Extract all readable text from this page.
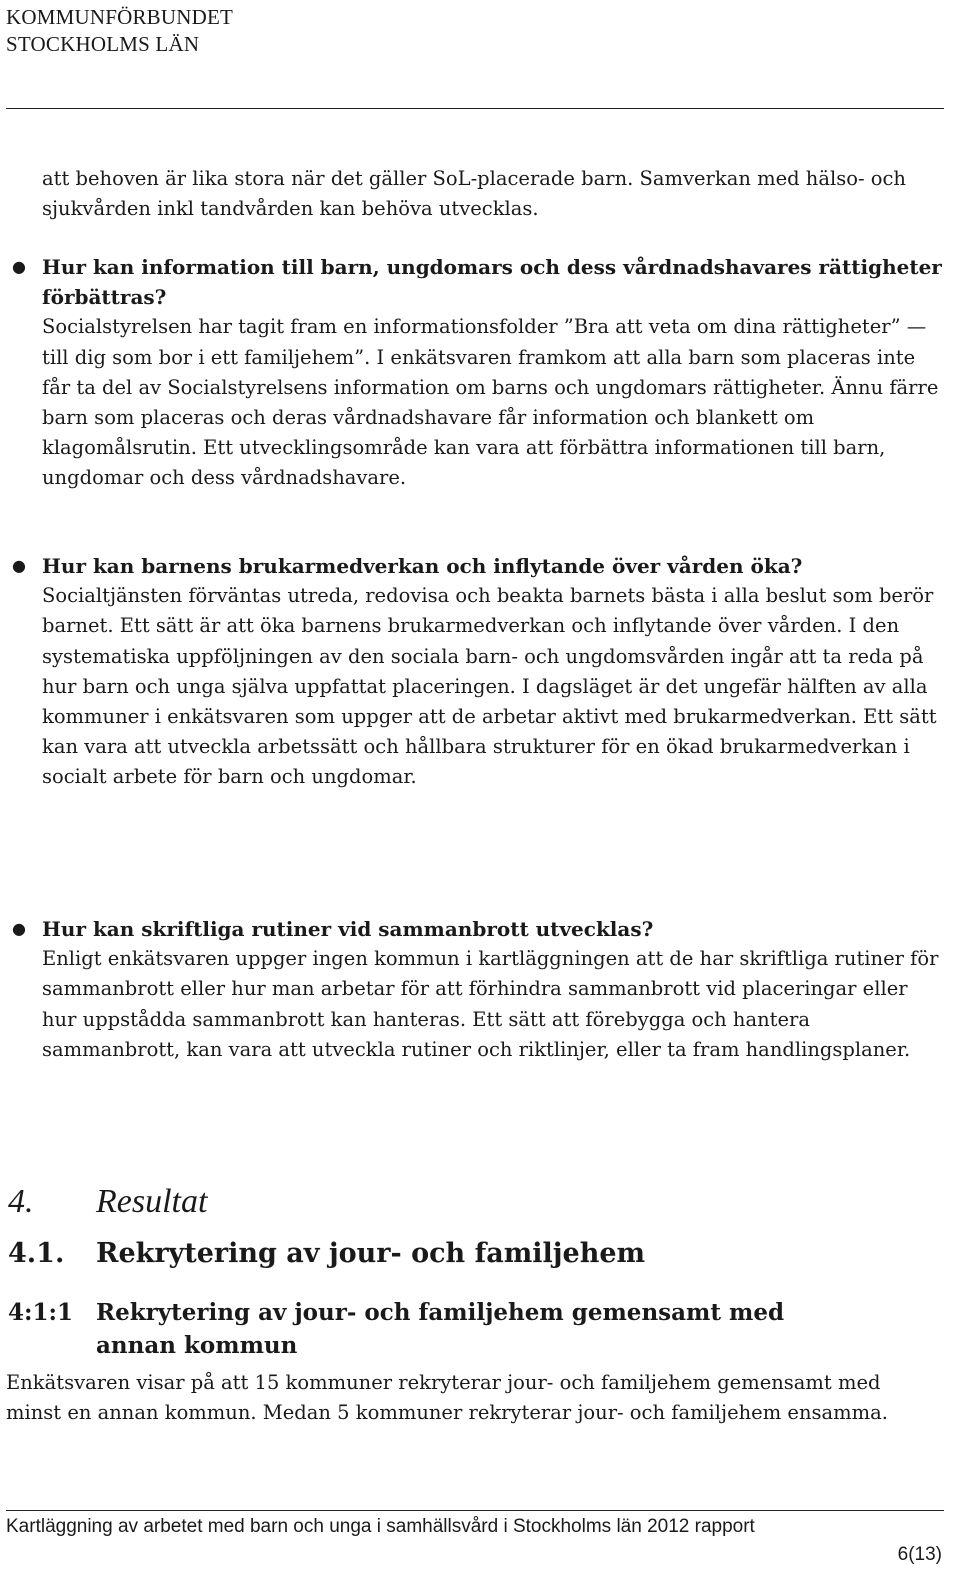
KOMMUNFÖRBUNDET
STOCKHOLMS LÄN

att behoven är lika stora när det gäller SoL-placerade barn. Samverkan med hälso- och sjukvården inkl tandvården kan behöva utvecklas.

● Hur kan information till barn, ungdomars och dess vårdnadshavares rättigheter förbättras?
Socialstyrelsen har tagit fram en informationsfolder ”Bra att veta om dina rättigheter” — till dig som bor i ett familjehem”. I enkätsvaren framkom att alla barn som placeras inte får ta del av Socialstyrelsens information om barns och ungdomars rättigheter. Ännu färre barn som placeras och deras vårdnadshavare får information och blankett om klagomålsrutin. Ett utvecklingsområde kan vara att förbättra informationen till barn, ungdomar och dess vårdnadshavare.
● Hur kan barnens brukarmedverkan och inflytande över vården öka?
Socialtjänsten förväntas utreda, redovisa och beakta barnets bästa i alla beslut som berör barnet. Ett sätt är att öka barnens brukarmedverkan och inflytande över vården. I den systematiska uppföljningen av den sociala barn- och ungdomsvården ingår att ta reda på hur barn och unga själva uppfattat placeringen. I dagsläget är det ungefär hälften av alla kommuner i enkätsvaren som uppger att de arbetar aktivt med brukarmedverkan. Ett sätt kan vara att utveckla arbetssätt och hållbara strukturer för en ökad brukarmedverkan i socialt arbete för barn och ungdomar.
● Hur kan skriftliga rutiner vid sammanbrott utvecklas?
Enligt enkätsvaren uppger ingen kommun i kartläggningen att de har skriftliga rutiner för sammanbrott eller hur man arbetar för att förhindra sammanbrott vid placeringar eller hur uppstådda sammanbrott kan hanteras. Ett sätt att förebygga och hantera sammanbrott, kan vara att utveckla rutiner och riktlinjer, eller ta fram handlingsplaner.
4. Resultat
4.1. Rekrytering av jour- och familjehem
4:1:1 Rekrytering av jour- och familjehem gemensamt med annan kommun
Enkätsvaren visar på att 15 kommuner rekryterar jour- och familjehem gemensamt med minst en annan kommun. Medan 5 kommuner rekryterar jour- och familjehem ensamma.
Kartläggning av arbetet med barn och unga i samhällsvård i Stockholms län 2012 rapport
6(13)
